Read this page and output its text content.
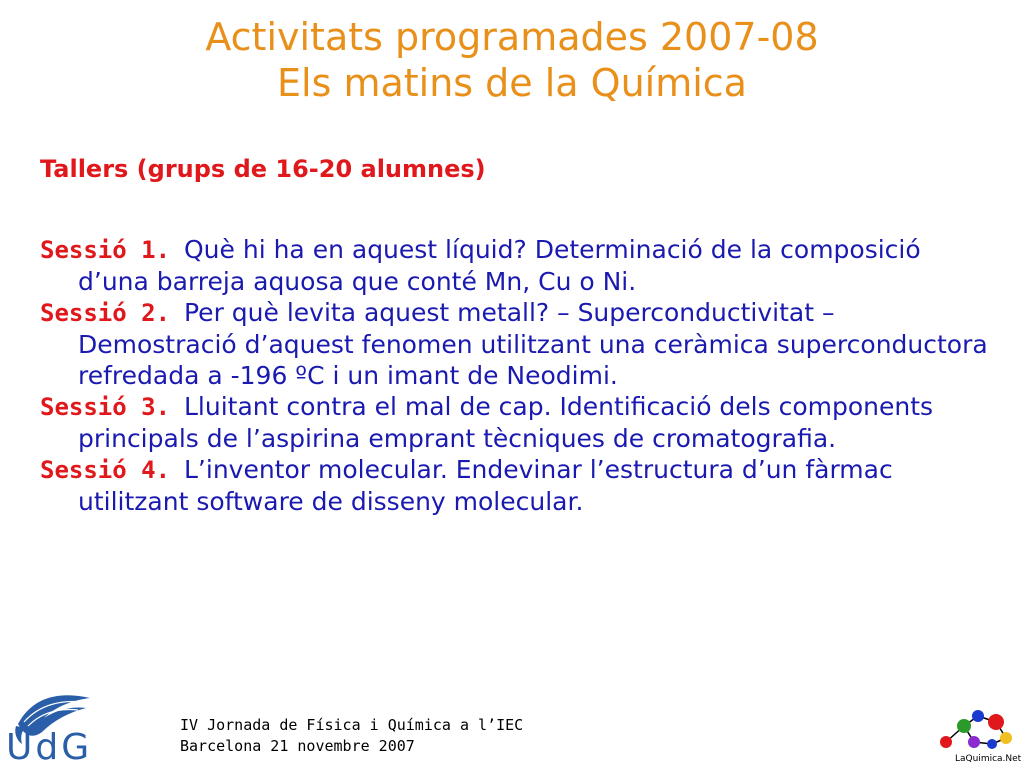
Activitats programades 2007-08
Els matins de la Química
Tallers (grups de 16-20 alumnes)
Sessió 1. Què hi ha en aquest líquid? Determinació de la composició d’una barreja aquosa que conté Mn, Cu o Ni.
Sessió 2. Per què levita aquest metall? – Superconductivitat – Demostració d’aquest fenomen utilitzant una ceràmica superconductora refredada a -196 ºC i un imant de Neodimi.
Sessió 3. Lluitant contra el mal de cap. Identificació dels components principals de l’aspirina emprant tècniques de cromatografia.
Sessió 4. L’inventor molecular. Endevinar l’estructura d’un fàrmac utilitzant software de disseny molecular.
UdG
IV Jornada de Física i Química a l’IEC
Barcelona 21 novembre 2007
LaQuimica.Net
